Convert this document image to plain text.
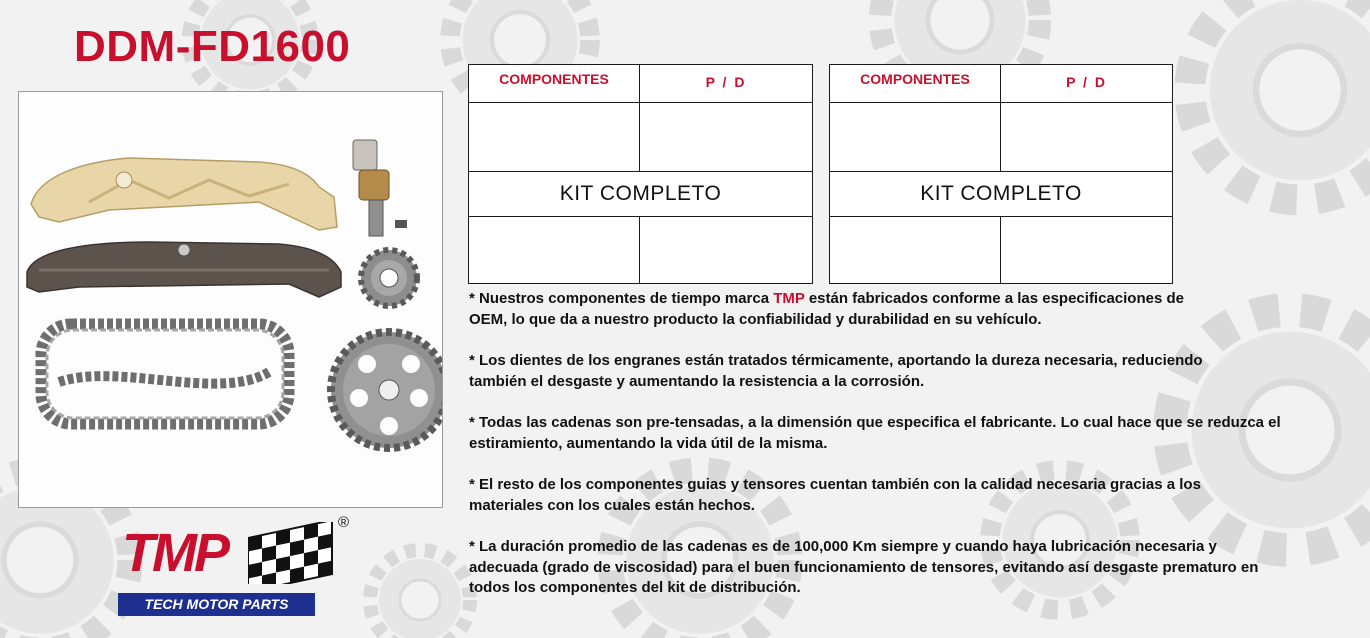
DDM-FD1600
COMPONENTES	P / D

KIT COMPLETO	

COMPONENTES	P / D

KIT COMPLETO	

* Nuestros componentes de tiempo marca TMP están fabricados conforme a las especificaciones de OEM, lo que da a nuestro producto la confiabilidad y durabilidad en su vehículo.

* Los dientes de los engranes están tratados térmicamente, aportando la dureza necesaria, reduciendo también el desgaste y aumentando la resistencia a la corrosión.

* Todas las cadenas son pre-tensadas, a la dimensión que especifica el fabricante. Lo cual hace que se reduzca el estiramiento, aumentando la vida útil de la misma.

* El resto de los componentes guias y tensores cuentan también con la calidad necesaria gracias a los materiales con los cuales están hechos.

* La duración promedio de las cadenas es de 100,000 Km siempre y cuando haya lubricación necesaria y adecuada (grado de viscosidad) para el buen funcionamiento de tensores, evitando así desgaste prematuro en todos los componentes del kit de distribución.

TMP
®
TECH MOTOR PARTS
